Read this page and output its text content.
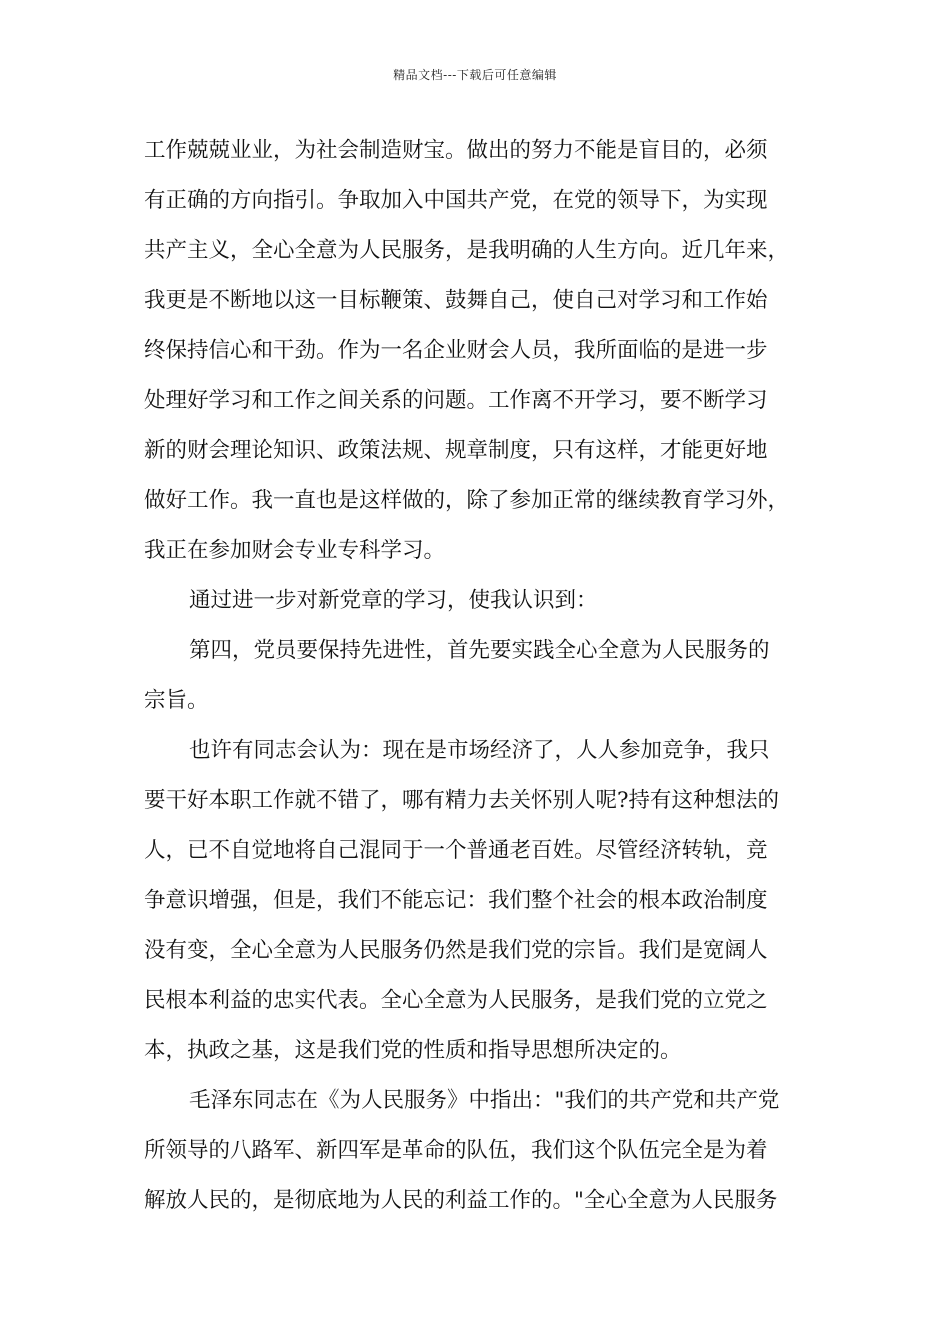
精品文档---下载后可任意编辑
工作兢兢业业，为社会制造财宝。做出的努力不能是盲目的，必须
有正确的方向指引。争取加入中国共产党，在党的领导下，为实现
共产主义，全心全意为人民服务，是我明确的人生方向。近几年来，
我更是不断地以这一目标鞭策、鼓舞自己，使自己对学习和工作始
终保持信心和干劲。作为一名企业财会人员，我所面临的是进一步
处理好学习和工作之间关系的问题。工作离不开学习，要不断学习
新的财会理论知识、政策法规、规章制度，只有这样，才能更好地
做好工作。我一直也是这样做的，除了参加正常的继续教育学习外，
我正在参加财会专业专科学习。
通过进一步对新党章的学习，使我认识到：
第四，党员要保持先进性，首先要实践全心全意为人民服务的
宗旨。
也许有同志会认为：现在是市场经济了，人人参加竞争，我只
要干好本职工作就不错了，哪有精力去关怀别人呢?持有这种想法的
人，已不自觉地将自己混同于一个普通老百姓。尽管经济转轨，竞
争意识增强，但是，我们不能忘记：我们整个社会的根本政治制度
没有变，全心全意为人民服务仍然是我们党的宗旨。我们是宽阔人
民根本利益的忠实代表。全心全意为人民服务，是我们党的立党之
本，执政之基，这是我们党的性质和指导思想所决定的。
毛泽东同志在《为人民服务》中指出："我们的共产党和共产党
所领导的八路军、新四军是革命的队伍，我们这个队伍完全是为着
解放人民的，是彻底地为人民的利益工作的。"全心全意为人民服务
